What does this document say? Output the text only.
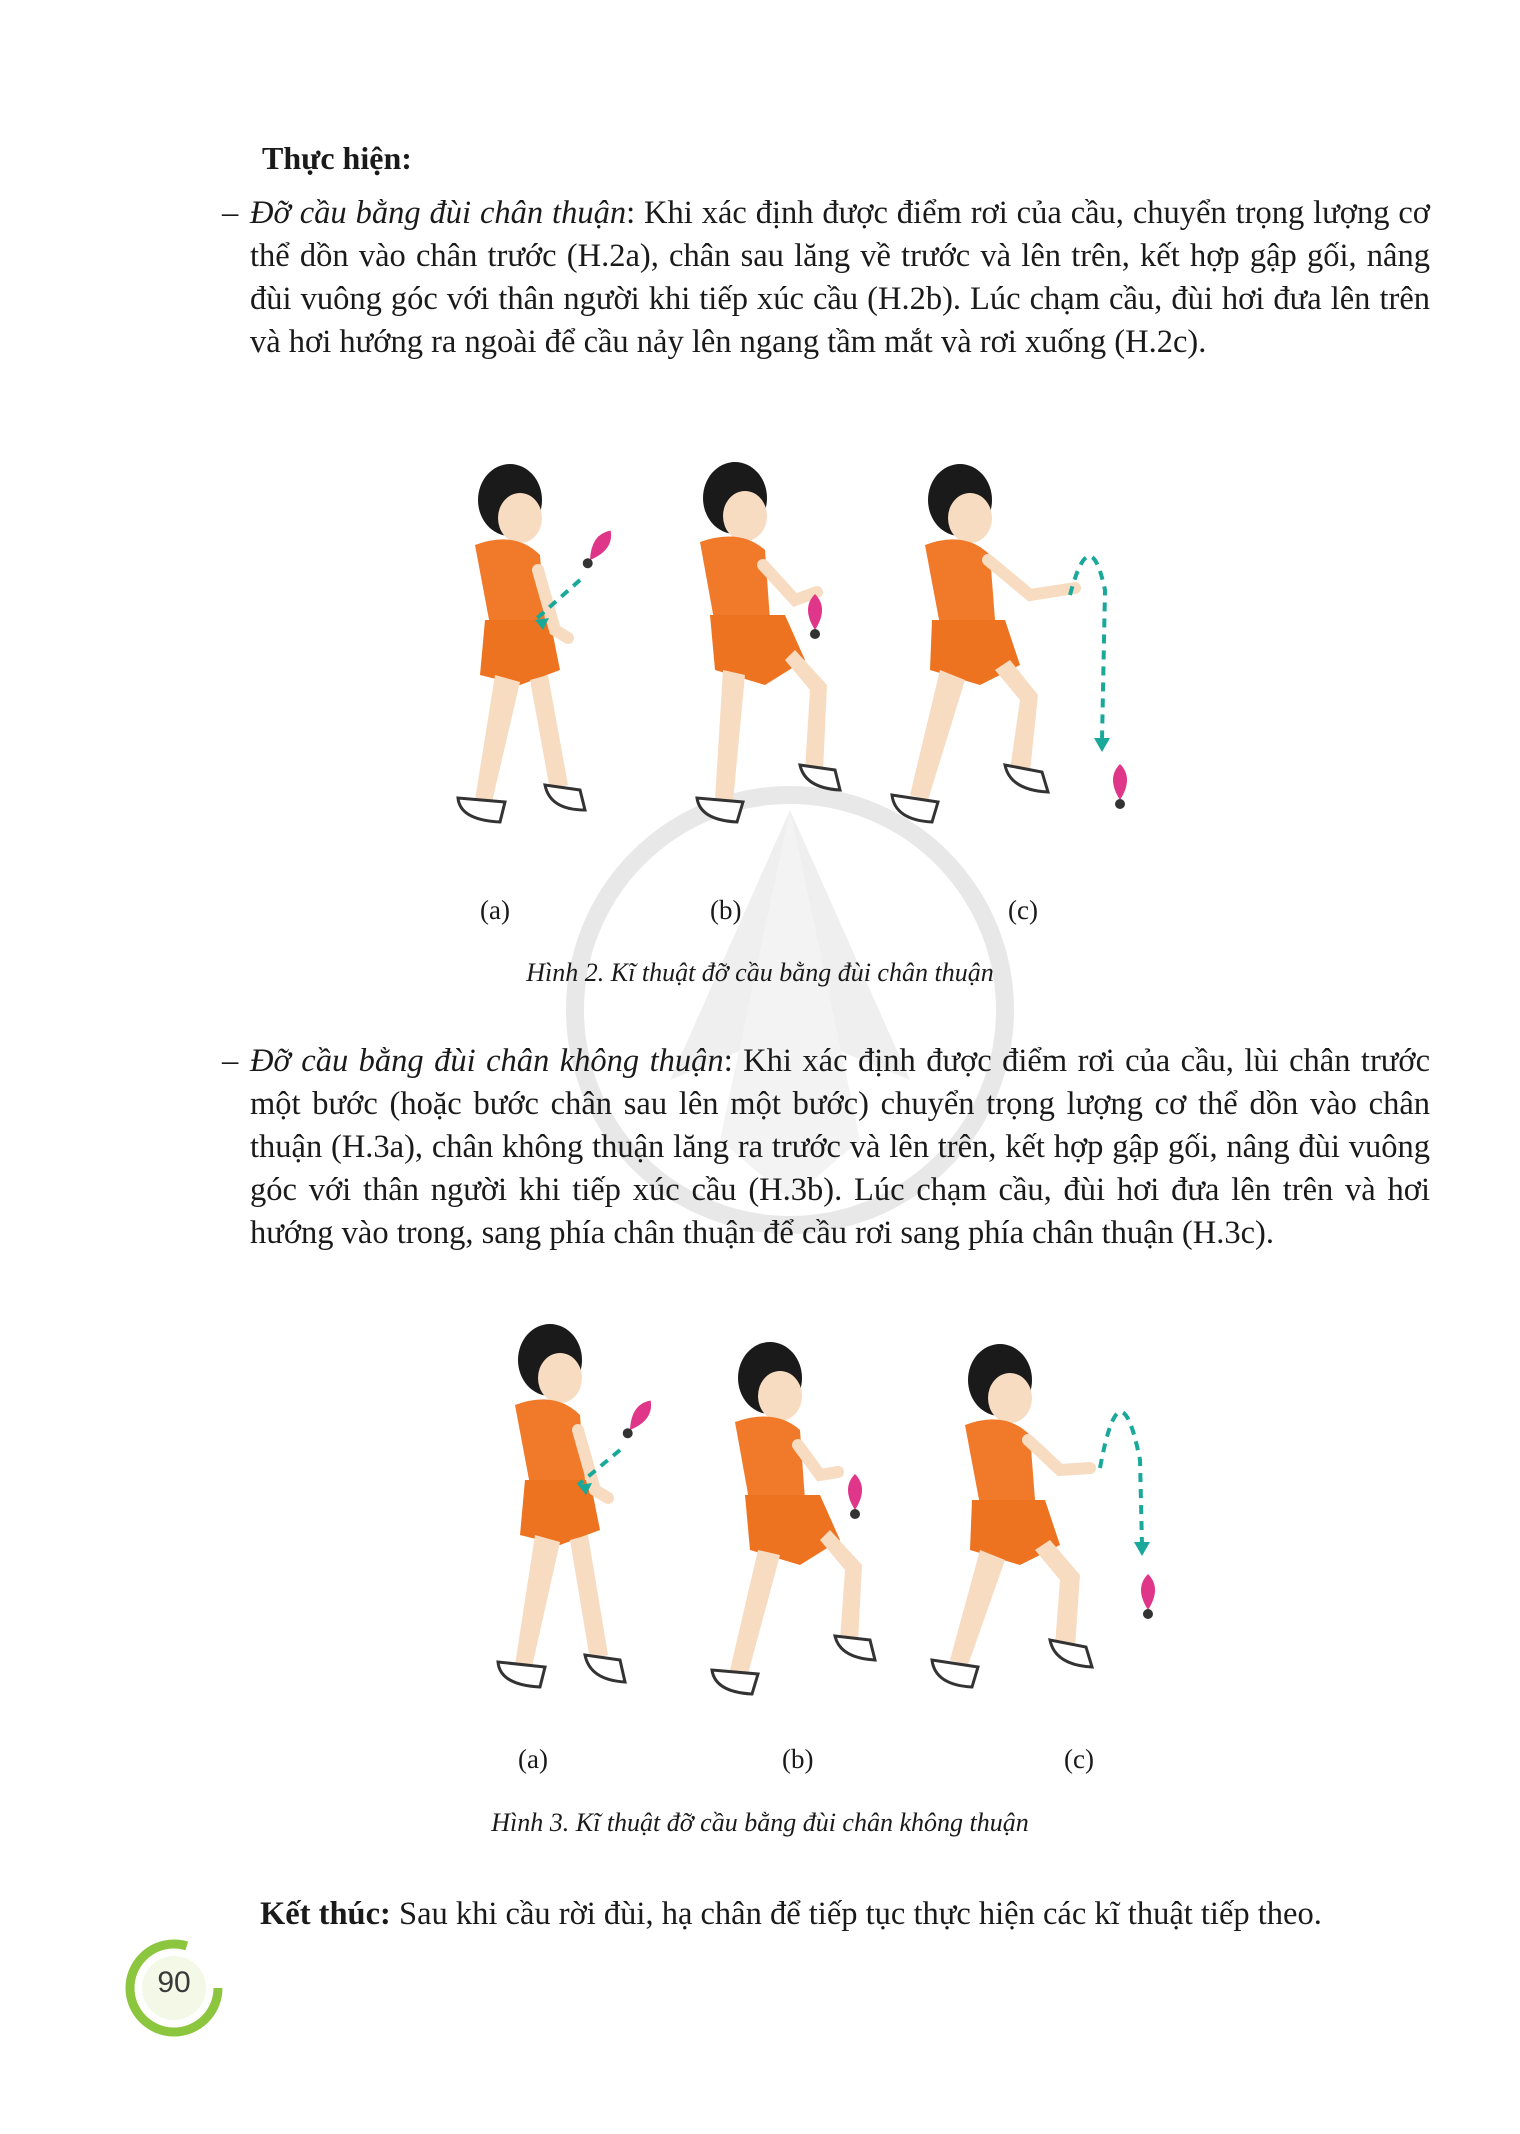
Thực hiện:
– Đỡ cầu bằng đùi chân thuận: Khi xác định được điểm rơi của cầu, chuyển trọng lượng cơ thể dồn vào chân trước (H.2a), chân sau lăng về trước và lên trên, kết hợp gập gối, nâng đùi vuông góc với thân người khi tiếp xúc cầu (H.2b). Lúc chạm cầu, đùi hơi đưa lên trên và hơi hướng ra ngoài để cầu nảy lên ngang tầm mắt và rơi xuống (H.2c).
(a)	(b)	(c)
Hình 2. Kĩ thuật đỡ cầu bằng đùi chân thuận
– Đỡ cầu bằng đùi chân không thuận: Khi xác định được điểm rơi của cầu, lùi chân trước một bước (hoặc bước chân sau lên một bước) chuyển trọng lượng cơ thể dồn vào chân thuận (H.3a), chân không thuận lăng ra trước và lên trên, kết hợp gập gối, nâng đùi vuông góc với thân người khi tiếp xúc cầu (H.3b). Lúc chạm cầu, đùi hơi đưa lên trên và hơi hướng vào trong, sang phía chân thuận để cầu rơi sang phía chân thuận (H.3c).
(a)	(b)	(c)
Hình 3. Kĩ thuật đỡ cầu bằng đùi chân không thuận
Kết thúc: Sau khi cầu rời đùi, hạ chân để tiếp tục thực hiện các kĩ thuật tiếp theo.
90
